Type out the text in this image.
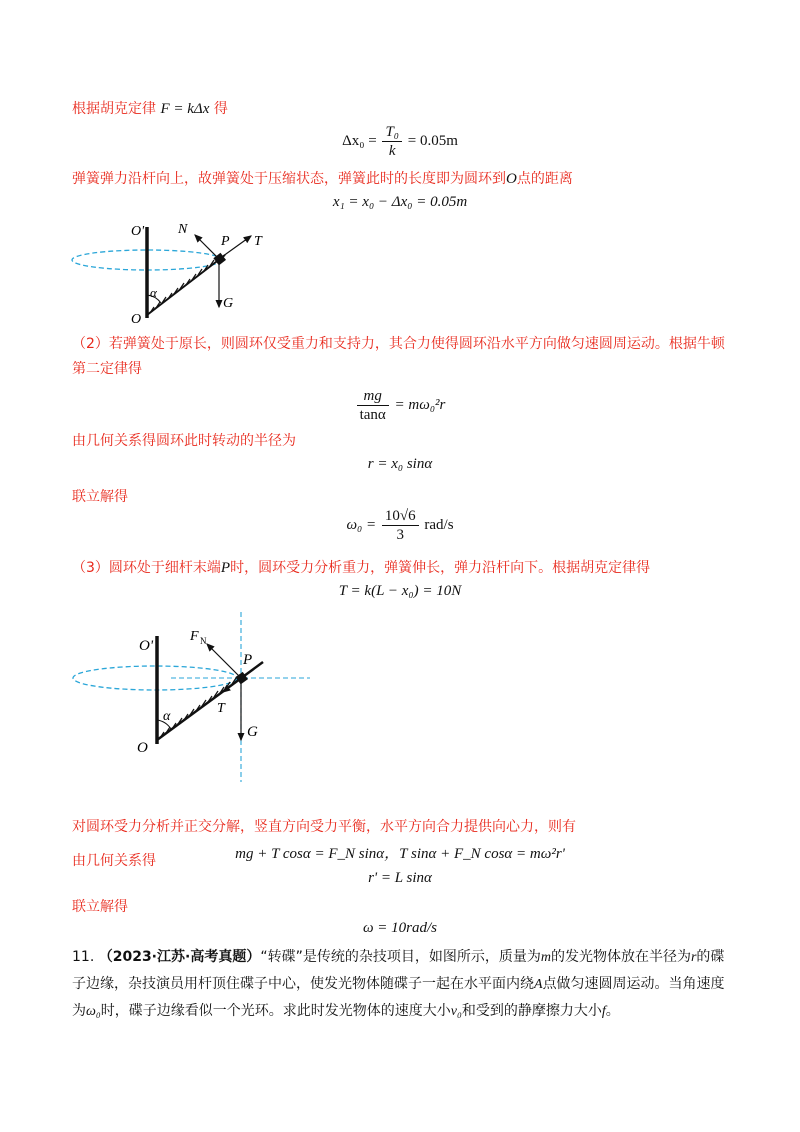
根据胡克定律 F = kΔx 得
$\Delta x_0 = \frac{\text{T₀}}{k} = 0.05m$
弹簧弹力沿杆向上，故弹簧处于压缩状态，弹簧此时的长度即为圆环到O点的距离
x₁ = x₀ − Δx₀ = 0.05m
O' N
P T
α
G
O
（2）若弹簧处于原长，则圆环仅受重力和支持力，其合力使得圆环沿水平方向做匀速圆周运动。根据牛顿第二定律得
$\frac{mg}{\tan\alpha} = m\omega_0^2r$
由几何关系得圆环此时转动的半径为
r = x₀ sinα
联立解得
$\omega_0 = \frac{10√6}{3} rad/s$
（3）圆环处于细杆末端P时，圆环受力分析重力，弹簧伸长，弹力沿杆向下。根据胡克定律得
T = k(L − x₀) = 10N
O'
F N
P
α
T
G
O
对圆环受力分析并正交分解，竖直方向受力平衡，水平方向合力提供向心力，则有
mg + T cosα = F_N sinα，T sinα + F_N cosα = mω²r'
由几何关系得
r' = L sinα
联立解得
ω = 10rad/s
11. （2023·江苏·高考真题）“转碟”是传统的杂技项目，如图所示，质量为m的发光物体放在半径为r的碟子边缘，杂技演员用杆顶住碟子中心，使发光物体随碟子一起在水平面内绕A点做匀速圆周运动。当角速度为ω₀时，碟子边缘看似一个光环。求此时发光物体的速度大小v₀和受到的静摩擦力大小f。
